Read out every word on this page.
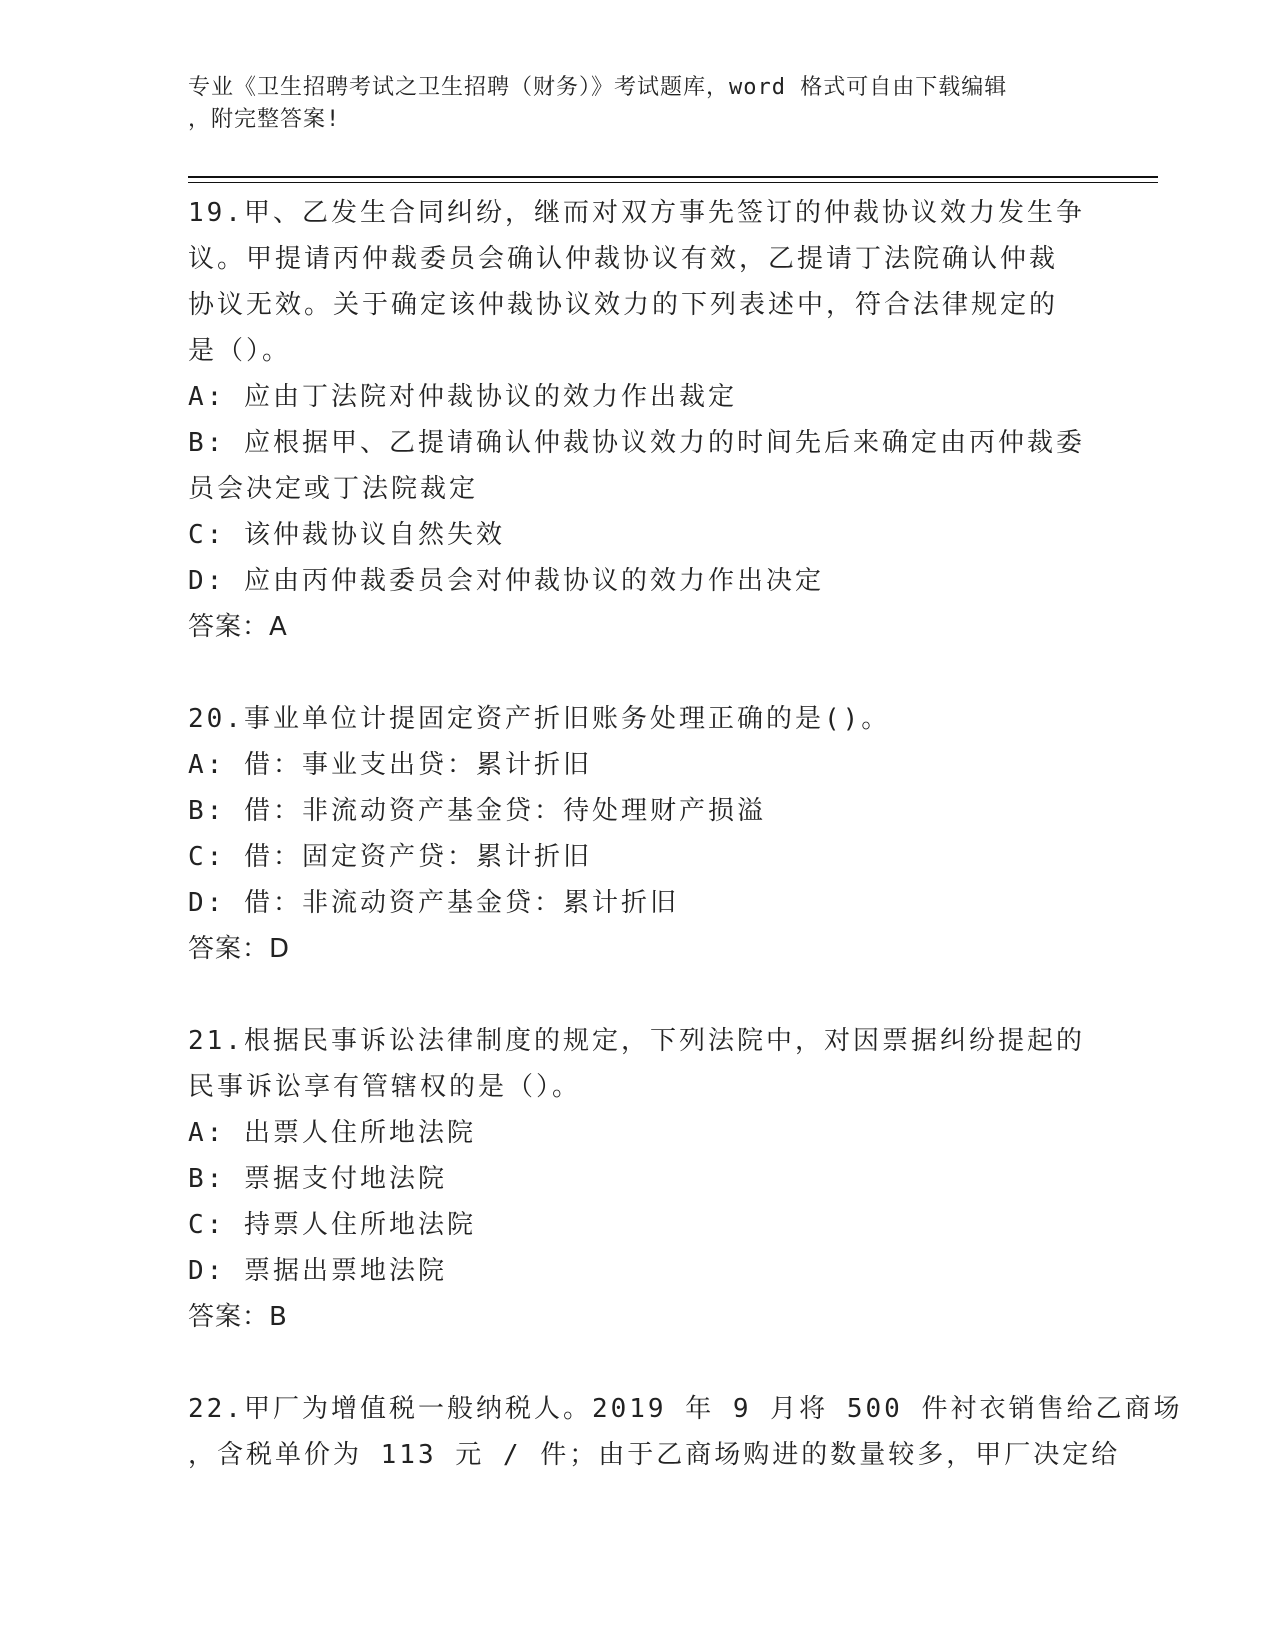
专业《卫生招聘考试之卫生招聘（财务）》考试题库，word 格式可自由下载编辑
，附完整答案!
19.甲、乙发生合同纠纷，继而对双方事先签订的仲裁协议效力发生争
议。甲提请丙仲裁委员会确认仲裁协议有效，乙提请丁法院确认仲裁
协议无效。关于确定该仲裁协议效力的下列表述中，符合法律规定的
是（）。
A: 应由丁法院对仲裁协议的效力作出裁定
B: 应根据甲、乙提请确认仲裁协议效力的时间先后来确定由丙仲裁委
员会决定或丁法院裁定
C: 该仲裁协议自然失效
D: 应由丙仲裁委员会对仲裁协议的效力作出决定
答案：A
20.事业单位计提固定资产折旧账务处理正确的是()。
A: 借：事业支出贷：累计折旧
B: 借：非流动资产基金贷：待处理财产损溢
C: 借：固定资产贷：累计折旧
D: 借：非流动资产基金贷：累计折旧
答案：D
21.根据民事诉讼法律制度的规定，下列法院中，对因票据纠纷提起的
民事诉讼享有管辖权的是（）。
A: 出票人住所地法院
B: 票据支付地法院
C: 持票人住所地法院
D: 票据出票地法院
答案：B
22.甲厂为增值税一般纳税人。2019 年 9 月将 500 件衬衣销售给乙商场
，含税单价为 113 元 / 件；由于乙商场购进的数量较多，甲厂决定给
